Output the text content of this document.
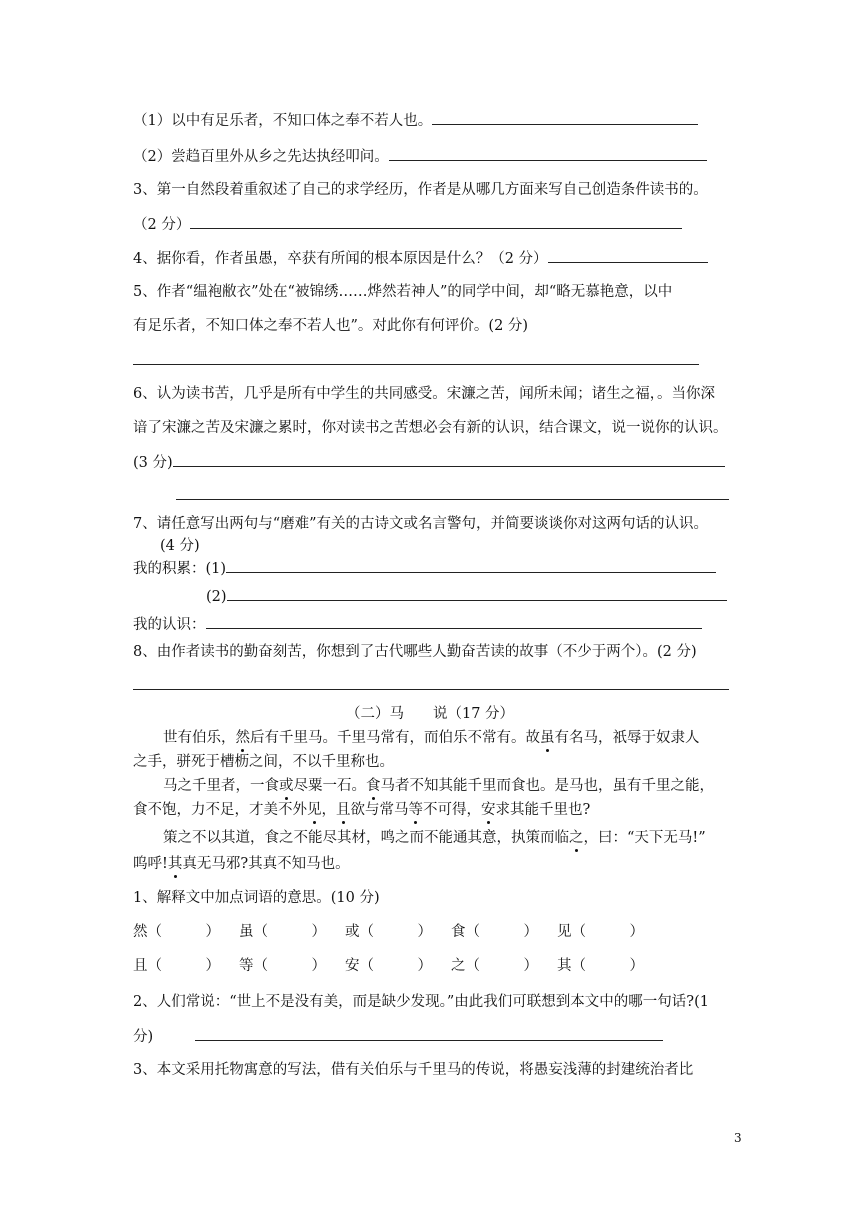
（1）以中有足乐者，不知口体之奉不若人也。
（2）尝趋百里外从乡之先达执经叩问。
3、第一自然段着重叙述了自己的求学经历，作者是从哪几方面来写自己创造条件读书的。
（2 分）
4、据你看，作者虽愚，卒获有所闻的根本原因是什么？（2 分）
5、作者“缊袍敝衣”处在“被锦绣……烨然若神人”的同学中间，却“略无慕艳意，以中
有足乐者，不知口体之奉不若人也”。对此你有何评价。(2 分)
6、认为读书苦，几乎是所有中学生的共同感受。宋濂之苦，闻所未闻；诸生之福，。当你深
谙了宋濂之苦及宋濂之累时，你对读书之苦想必会有新的认识，结合课文，说一说你的认识。
(3 分)
7、请任意写出两句与“磨难”有关的古诗文或名言警句，并简要谈谈你对这两句话的认识。
(4 分)
我的积累：(1)
(2)
我的认识：
8、由作者读书的勤奋刻苦，你想到了古代哪些人勤奋苦读的故事（不少于两个）。(2 分)
（二）马　　说（17 分）
世有伯乐，然后有千里马。千里马常有，而伯乐不常有。故虽有名马，祇辱于奴隶人
之手，骈死于槽枥之间，不以千里称也。
马之千里者，一食或尽粟一石。食马者不知其能千里而食也。是马也，虽有千里之能，
食不饱，力不足，才美不外见，且欲与常马等不可得，安求其能千里也?
策之不以其道，食之不能尽其材，鸣之而不能通其意，执策而临之，曰：“天下无马!”
呜呼!其真无马邪?其真不知马也。
1、解释文中加点词语的意思。(10 分)
然（　　　） 虽（　　　） 或（　　　） 食（　　　） 见（　　　）
且（　　　） 等（　　　） 安（　　　） 之（　　　） 其（　　　）
2、人们常说：“世上不是没有美，而是缺少发现。”由此我们可联想到本文中的哪一句话?(1
分)
3、本文采用托物寓意的写法，借有关伯乐与千里马的传说，将愚妄浅薄的封建统治者比
3
